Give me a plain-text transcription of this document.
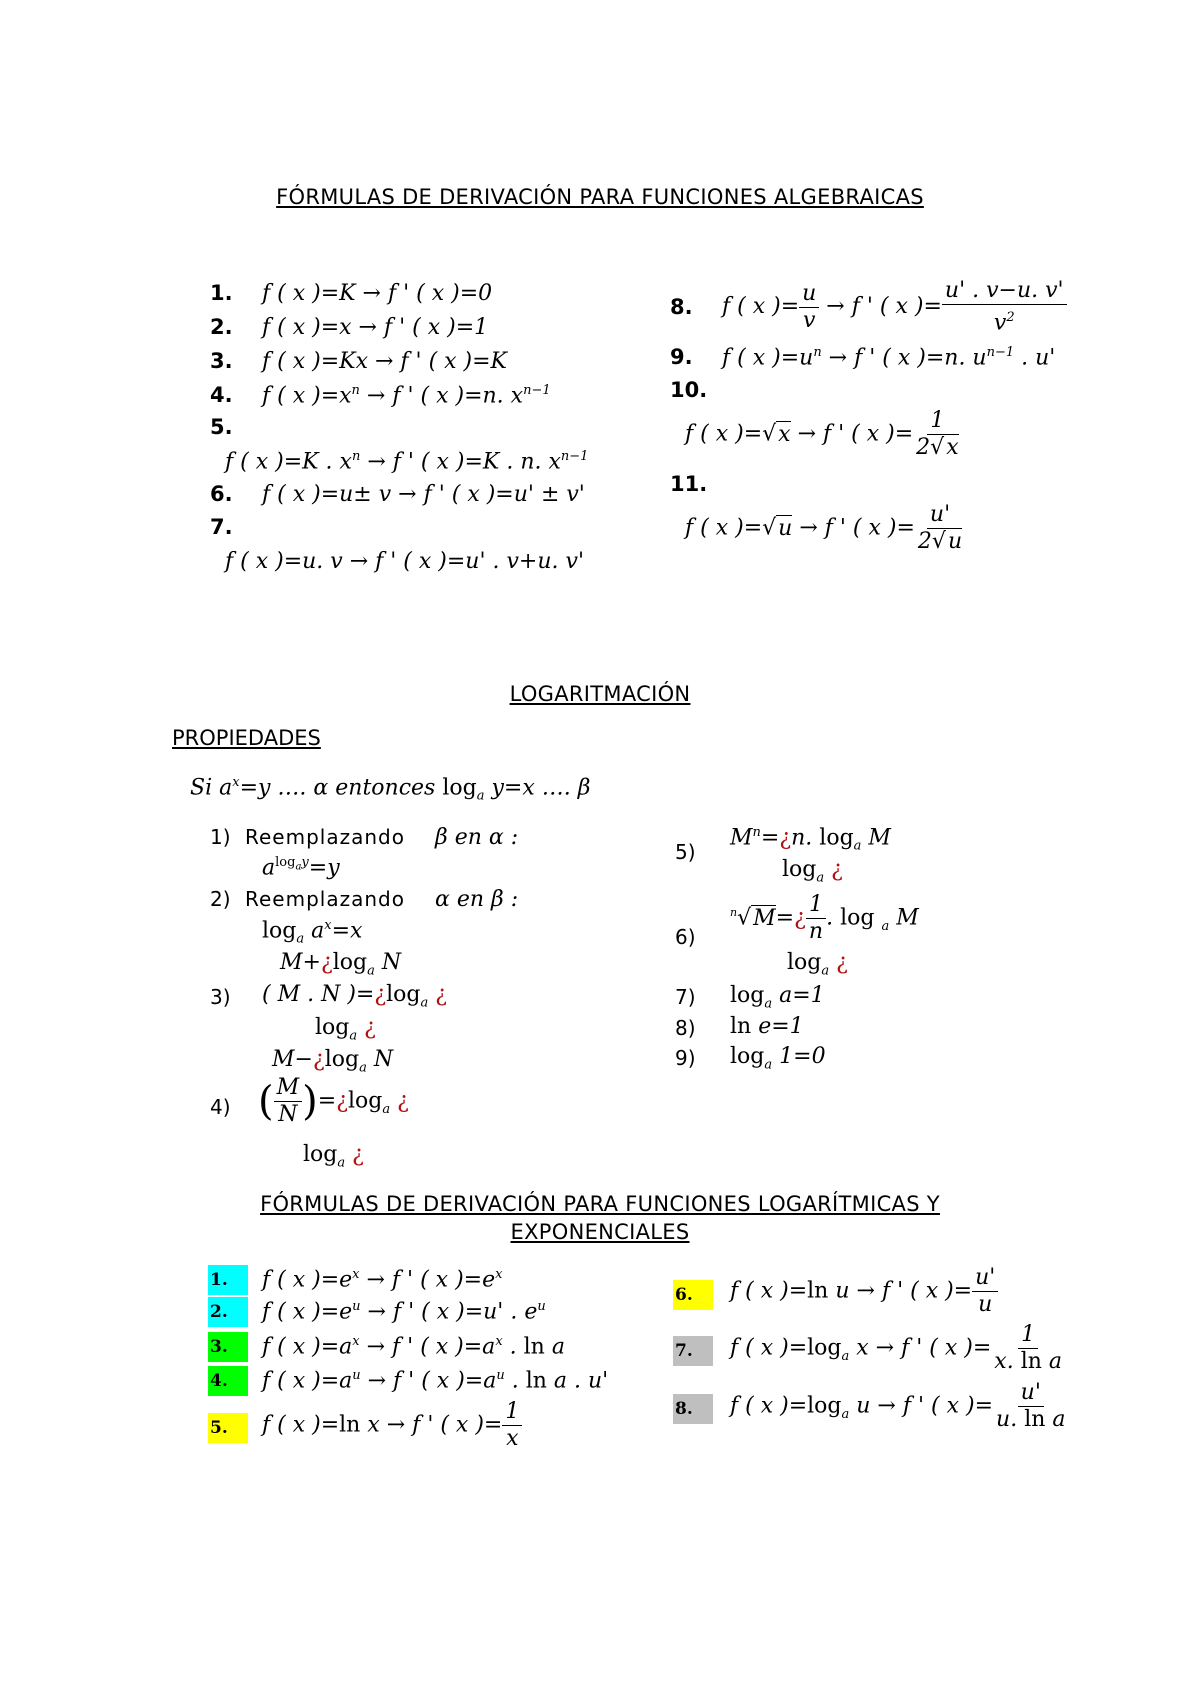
FÓRMULAS DE DERIVACIÓN PARA FUNCIONES ALGEBRAICAS
1. f ( x )=K → f ' ( x )=0
2. f ( x )=x → f ' ( x )=1
3. f ( x )=Kx → f ' ( x )=K
4. f ( x )$=x^n \to f$ ' ( x )=n. $x^{n-1}$
5.
f ( x )=K . $x^n \to f$ ' ( x )=K . n. $x^{n-1}$
6. f ( x )=u± v → f ' ( x )=u' ± v'
7.
f ( x )=u. v → f ' ( x )=u' . v+u. v'
8. f ( x )= $\frac{u}{v} \to f$ ' ( x )= $\frac{u' . v-u. v'}{v^2}$
9. f ( x )$=u^n \to f$ ' ( x )=n. $u^{n-1}$ . u'
10.
f ( x )=√x → f ' ( x )= $\frac{1}{2√x}$
11.
f ( x )=√u → f ' ( x )= $\frac{u'}{2√u}$
LOGARITMACIÓN
PROPIEDADES
Si $a^x=y$ …. α entonces $\log_a y=x$ …. β
1) Reemplazando β en α :
$a^{log_ay}=y$
2) Reemplazando α en β :
$\log_a a^x=x$
$M+¿\log_a$ N
3) ( M . N )$=¿\log_a$ ¿
$\log_a$ ¿
$M-¿\log_a$ N
4) ( $\frac{M}{N}$ )$=¿\log_a$ ¿
$\log_a$ ¿
5)
$M^n=¿n$. $\log_a M$
$\log_a$ ¿
6)
$^n$√M=¿ $\frac{1}{n}$ . log $_a$ M
$\log_a$ ¿
7) $\log_a a=1$
8) ln e=1
9) $\log_a 1=0$
FÓRMULAS DE DERIVACIÓN PARA FUNCIONES LOGARÍTMICAS Y
EXPONENCIALES
1.	f ( x )$=e^x \to f$ ' ( x )$=e^x$
2.	f ( x )$=e^u \to f$ ' ( x )=u' . $e^u$
3.	f ( x )$=a^x \to f$ ' ( x )$=a^x$ . ln a
4.	f ( x )$=a^u \to f$ ' ( x )$=a^u$ . ln a . u'
5.	f ( x )=ln x → f ' ( x )= $\frac{1}{x}$
6.	f ( x )=ln u → f ' ( x )= $\frac{u'}{u}$
7.	f ( x )$=\log_a$ x → f ' ( x )= $\frac{1}{\text{x. ln a}}$
8.	f ( x )$=\log_a$ u → f ' ( x )= $\frac{u'}{\text{u. ln a}}$
